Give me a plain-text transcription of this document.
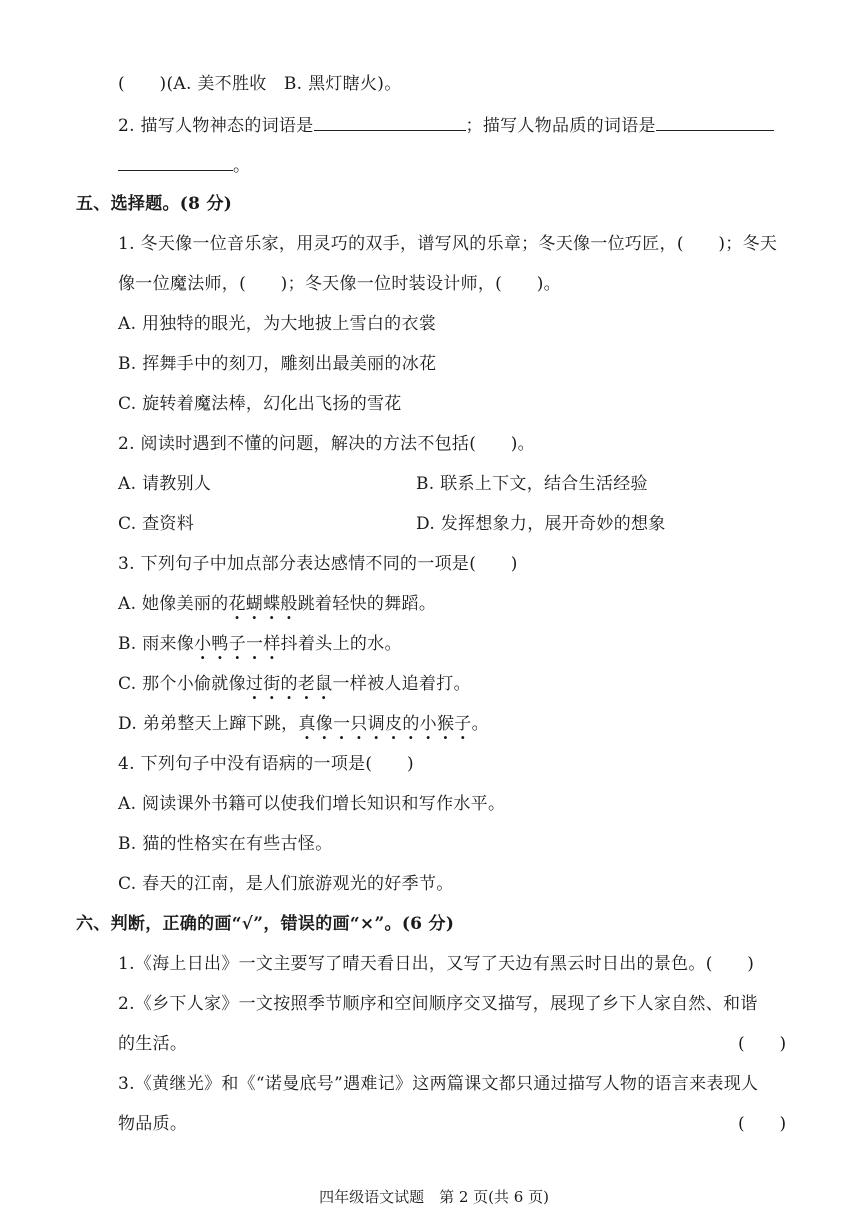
(　　)(A. 美不胜收　B. 黑灯瞎火)。
2. 描写人物神态的词语是	；描写人物品质的词语是
。
五、选择题。(8 分)
1. 冬天像一位音乐家，用灵巧的双手，谱写风的乐章；冬天像一位巧匠，(　　)；冬天
像一位魔法师，(　　)；冬天像一位时装设计师，(　　)。
A. 用独特的眼光，为大地披上雪白的衣裳
B. 挥舞手中的刻刀，雕刻出最美丽的冰花
C. 旋转着魔法棒，幻化出飞扬的雪花
2. 阅读时遇到不懂的问题，解决的方法不包括(　　)。
A. 请教别人	B. 联系上下文，结合生活经验
C. 查资料	D. 发挥想象力，展开奇妙的想象
3. 下列句子中加点部分表达感情不同的一项是(　　)
A. 她像美丽的花蝴蝶般跳着轻快的舞蹈。
B. 雨来像小鸭子一样抖着头上的水。
C. 那个小偷就像过街的老鼠一样被人追着打。
D. 弟弟整天上蹿下跳，真像一只调皮的小猴子。
4. 下列句子中没有语病的一项是(　　)
A. 阅读课外书籍可以使我们增长知识和写作水平。
B. 猫的性格实在有些古怪。
C. 春天的江南，是人们旅游观光的好季节。
六、判断，正确的画“√”，错误的画“×”。(6 分)
1.《海上日出》一文主要写了晴天看日出，又写了天边有黑云时日出的景色。(　　)
2.《乡下人家》一文按照季节顺序和空间顺序交叉描写，展现了乡下人家自然、和谐
的生活。	(　　)
3.《黄继光》和《“诺曼底号”遇难记》这两篇课文都只通过描写人物的语言来表现人
物品质。	(　　)
四年级语文试题　第 2 页(共 6 页)
